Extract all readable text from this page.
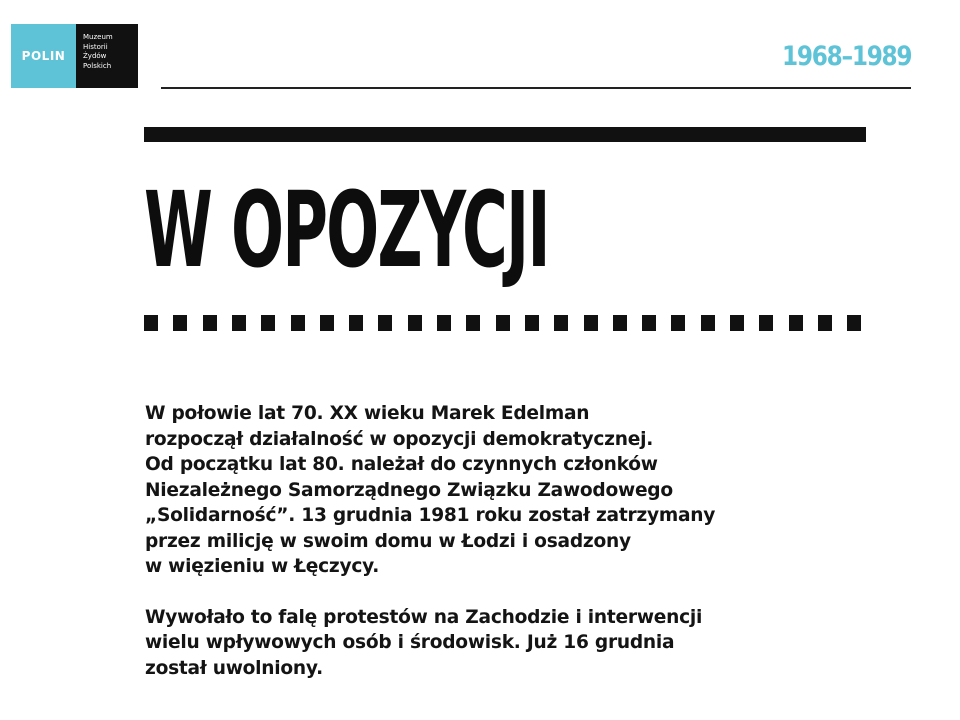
POLIN
Muzeum
Historii
Żydów
Polskich	1968–1989
W OPOZYCJI
W połowie lat 70. XX wieku Marek Edelman
rozpoczął działalność w opozycji demokratycznej.
Od początku lat 80. należał do czynnych członków
Niezależnego Samorządnego Związku Zawodowego
„Solidarność”. 13 grudnia 1981 roku został zatrzymany
przez milicję w swoim domu w Łodzi i osadzony
w więzieniu w Łęczycy.
Wywołało to falę protestów na Zachodzie i interwencji
wielu wpływowych osób i środowisk. Już 16 grudnia
został uwolniony.
